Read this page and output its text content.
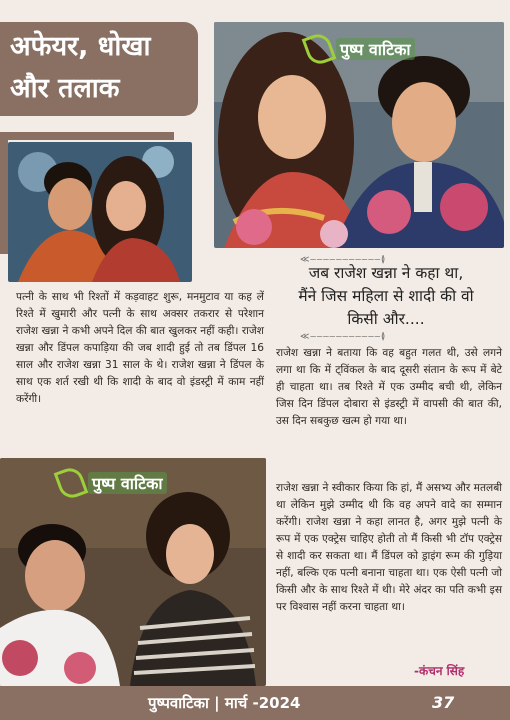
अफेयर, धोखा
और तलाक
पुष्प वाटिका
पत्नी के साथ भी रिश्तों में कड़वाहट शुरू, मनमुटाव या कह लें रिश्ते में खुमारी और पत्नी के साथ अक्सर तकरार से परेशान राजेश खन्ना ने कभी अपने दिल की बात खुलकर नहीं कही। राजेश खन्ना और डिंपल कपाड़िया की जब शादी हुई तो तब डिंपल 16 साल और राजेश खन्ना 31 साल के थे। राजेश खन्ना ने डिंपल के साथ एक शर्त रखी थी कि शादी के बाद वो इंडस्ट्री में काम नहीं करेंगी।
जब राजेश खन्ना ने कहा था,
मैंने जिस महिला से शादी की वो
किसी और....
≪———————————≬
≪———————————≬
राजेश खन्ना ने बताया कि वह बहुत गलत थी, उसे लगने लगा था कि में ट्विंकल के बाद दूसरी संतान के रूप में बेटे ही चाहता था। तब रिश्ते में एक उम्मीद बची थी, लेकिन जिस दिन डिंपल दोबारा से इंडस्ट्री में वापसी की बात की, उस दिन सबकुछ खत्म हो गया था।
राजेश खन्ना ने स्वीकार किया कि हां, मैं असभ्य और मतलबी था लेकिन मुझे उम्मीद थी कि वह अपने वादे का सम्मान करेंगी। राजेश खन्ना ने कहा लानत है, अगर मुझे पत्नी के रूप में एक एक्ट्रेस चाहिए होती तो मैं किसी भी टॉप एक्ट्रेस से शादी कर सकता था। मैं डिंपल को ड्राइंग रूम की गुड़िया नहीं, बल्कि एक पत्नी बनाना चाहता था। एक ऐसी पत्नी जो किसी और के साथ रिश्ते में थी। मेरे अंदर का पति कभी इस पर विश्वास नहीं करना चाहता था।
पुष्प वाटिका
-कंचन सिंह
पुष्पवाटिका | मार्च -2024	37
